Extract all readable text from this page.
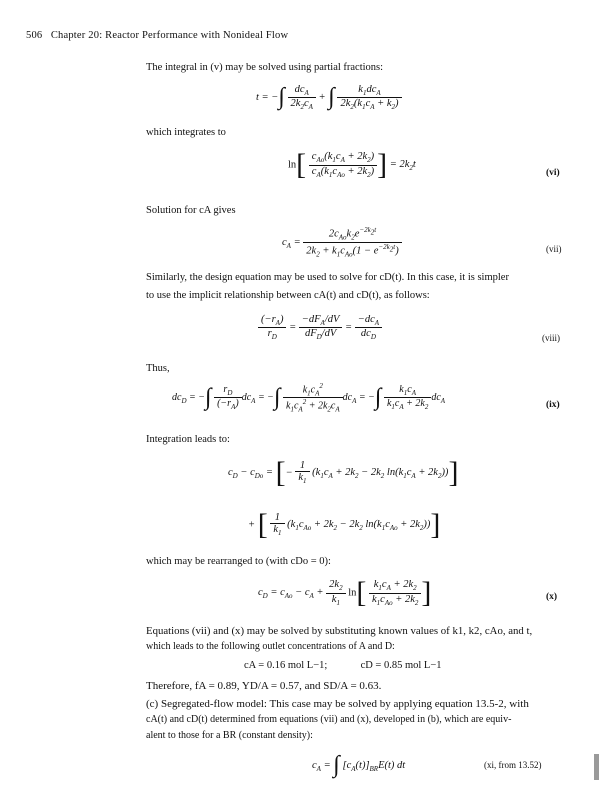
506 Chapter 20: Reactor Performance with Nonideal Flow
The integral in (v) may be solved using partial fractions:
t = −∫ $\frac{dc_A}{2k_2c_A}$ + ∫ $\frac{k_1dc_A}{2k_2(k_1c_A + k_2)}$
which integrates to
$\ln[ \frac{c_{Ao}(k_1c_A + 2k_2)}{c_A(k_1c_{Ao} + 2k_2)}$ ] = $2k_2t$
(vi)
Solution for cA gives
$c_A = \frac{2c_{Ao}k_2e^{-2k_2t}}{2k_2 + k_1c_{Ao}(1 - e^{-2k_2t})}$	(vii)
Similarly, the design equation may be used to solve for cD(t). In this case, it is simpler
to use the implicit relationship between cA(t) and cD(t), as follows:
$\frac{(-r_A)}{r_D} = \frac{-dF_A/dV}{dF_D/dV} = \frac{-dc_A}{dc_D}$	(viii)
Thus,
$dc_D$ = −∫ $\frac{r_D}{(-r_A)} dc_A$ = −∫ $\frac{k_1c_A^2}{k_1c_A^2 + 2k_2c_A} dc_A$ = −∫ $\frac{k_1c_A}{k_1c_A + 2k_2} dc_A$	(ix)
Integration leads to:
$c_D - c_{Do}$ = [− $\frac{1}{k_1} (k_1c_A + 2k_2 - 2k_2$ $\ln(k_1c_A + 2k_2)$)]
+ [ $\frac{1}{k_1} (k_1c_{Ao} + 2k_2 - 2k_2$ $\ln(k_1c_{Ao} + 2k_2)$)]
which may be rearranged to (with cDo = 0):
$c_D = c_{Ao} - c_A + \frac{2k_2}{k_1} \ln[ \frac{k_1c_A + 2k_2}{k_1c_{Ao} + 2k_2}$ ]	(x)
Equations (vii) and (x) may be solved by substituting known values of k1, k2, cAo, and t,
which leads to the following outlet concentrations of A and D:
cA = 0.16 mol L−1;	cD = 0.85 mol L−1
Therefore, fA = 0.89, YD/A = 0.57, and SD/A = 0.63.
(c) Segregated-flow model: This case may be solved by applying equation 13.5-2, with
cA(t) and cD(t) determined from equations (vii) and (x), developed in (b), which are equiv-
alent to those for a BR (constant density):
$c_A$ = ∫ $[c_A(t)]_{BR}E(t)$ dt	(xi, from 13.52)
